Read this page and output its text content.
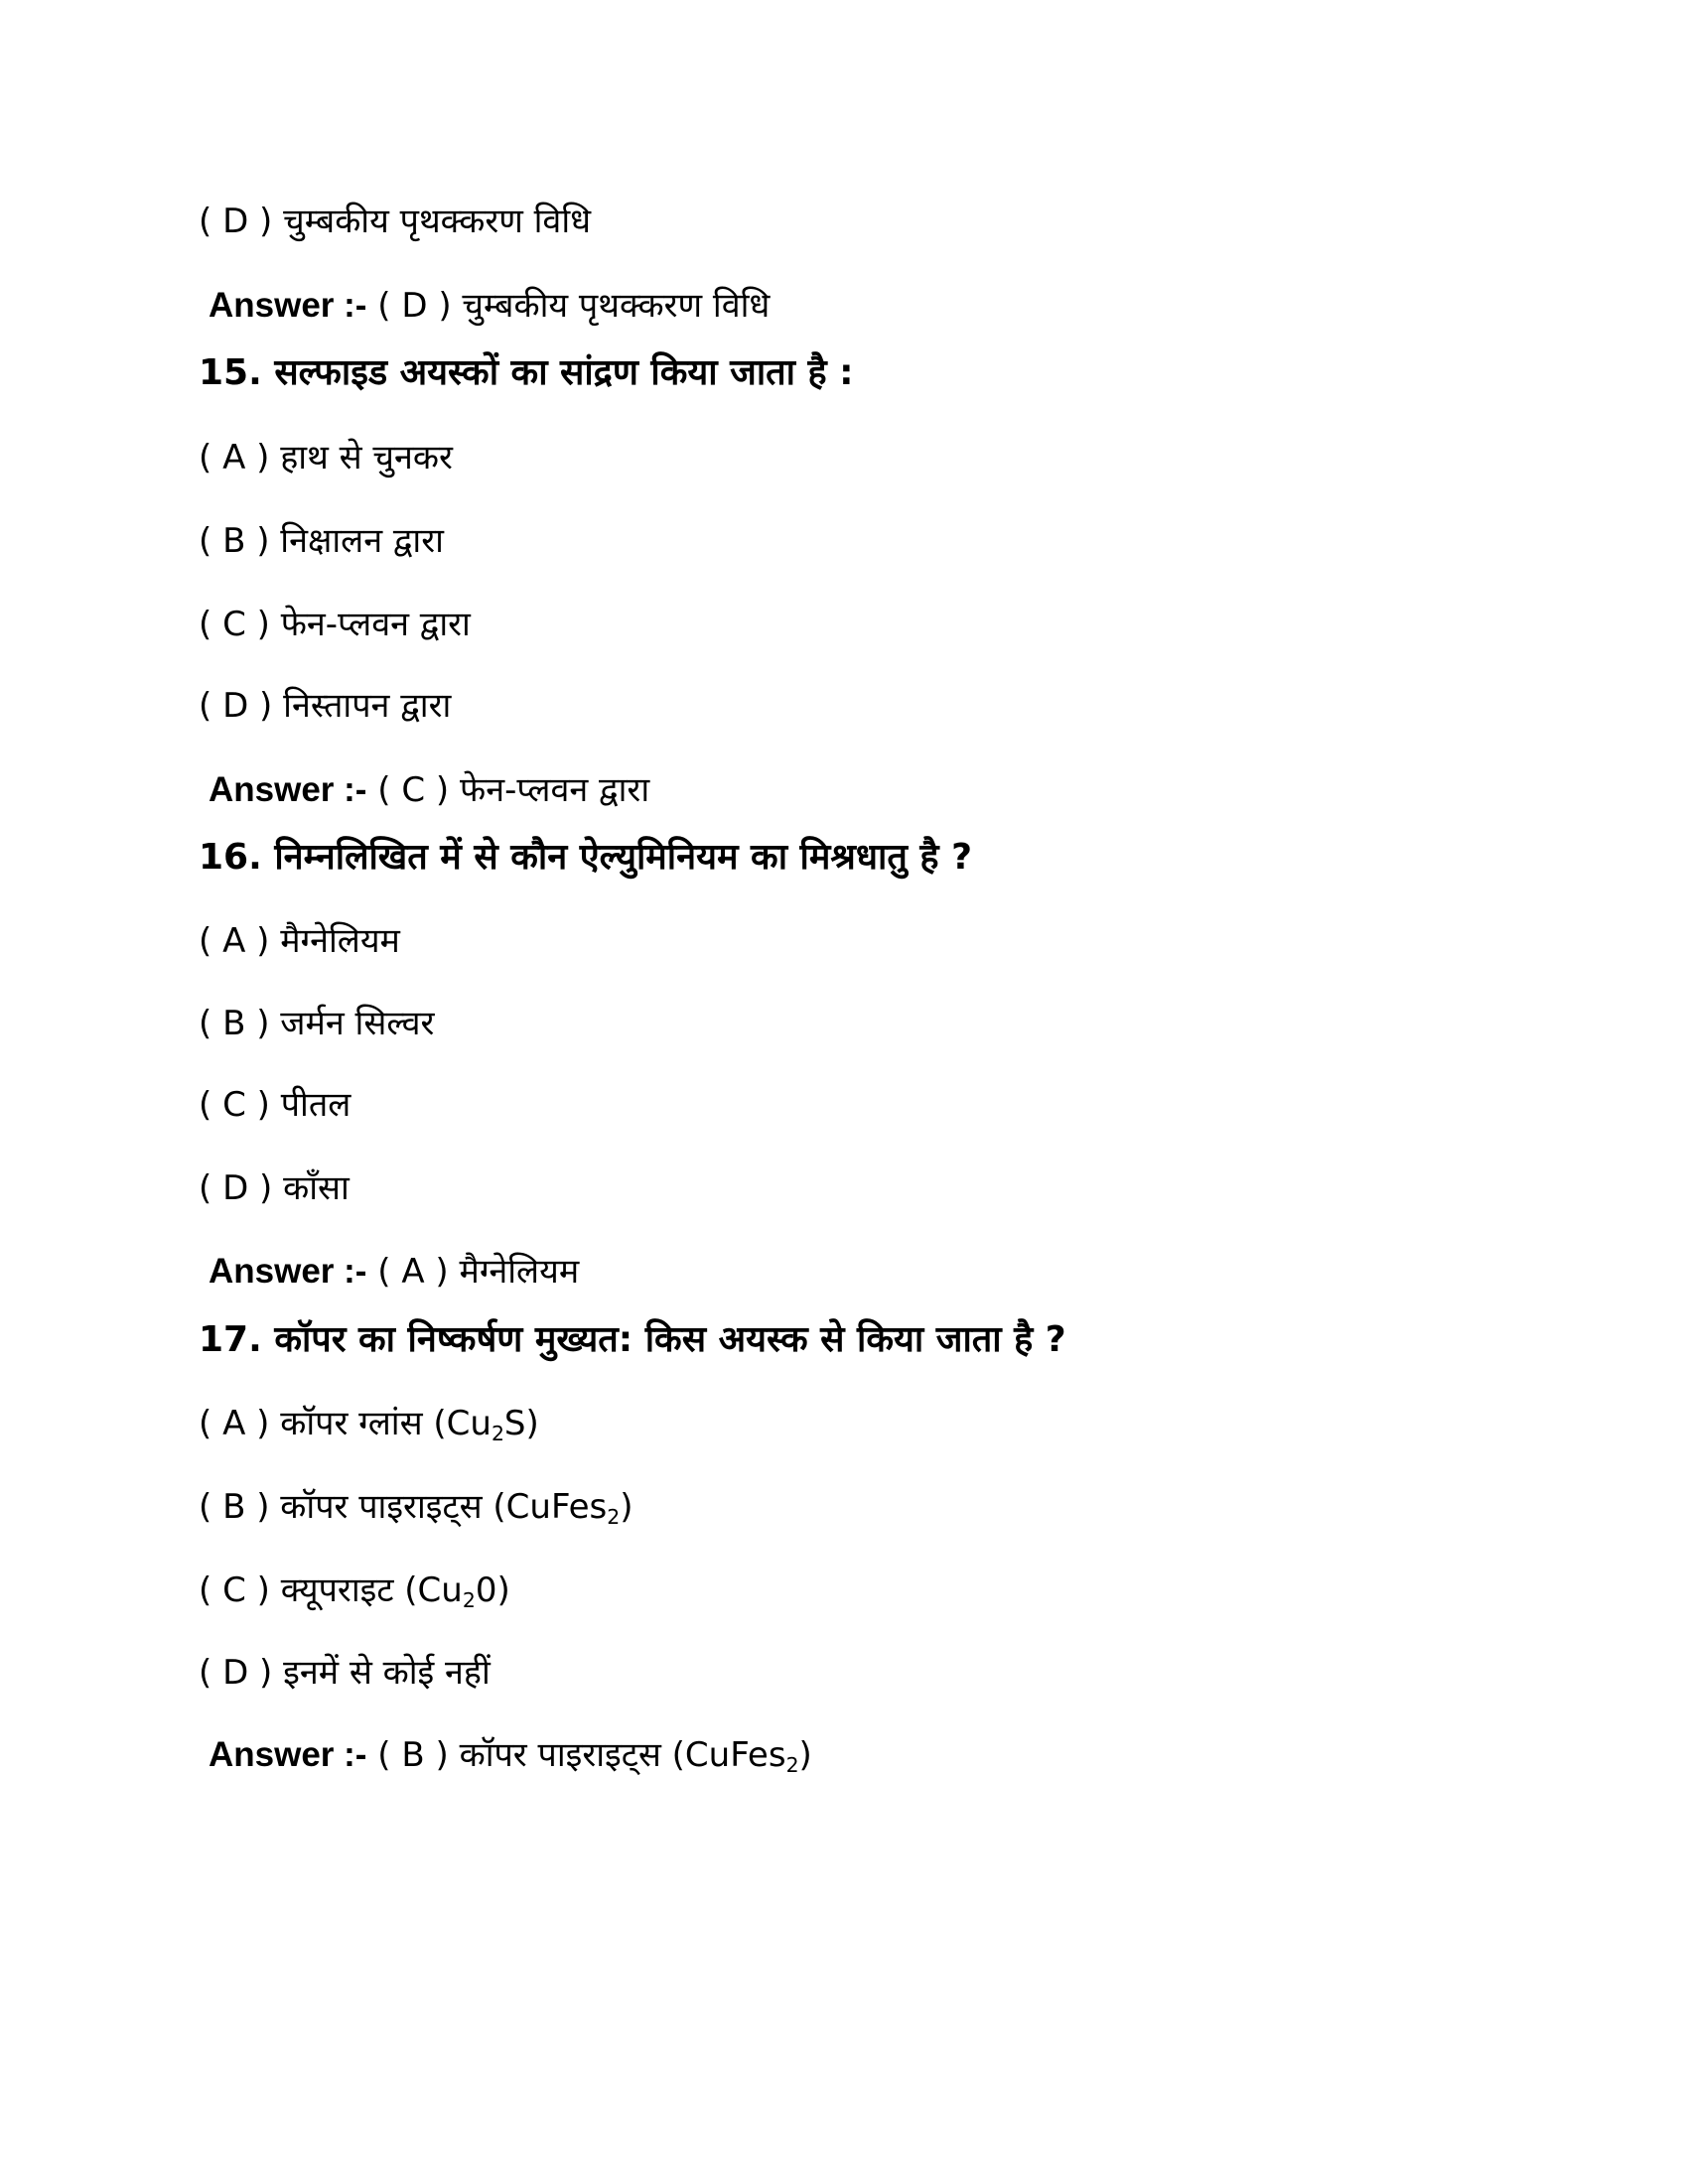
( D ) चुम्बकीय पृथक्करण विधि
Answer :- ( D ) चुम्बकीय पृथक्करण विधि
15. सल्फाइड अयस्कों का सांद्रण किया जाता है :
( A ) हाथ से चुनकर
( B ) निक्षालन द्वारा
( C ) फेन-प्लवन द्वारा
( D ) निस्तापन द्वारा
Answer :- ( C ) फेन-प्लवन द्वारा
16. निम्नलिखित में से कौन ऐल्युमिनियम का मिश्रधातु है ?
( A ) मैग्नेलियम
( B ) जर्मन सिल्वर
( C ) पीतल
( D ) काँसा
Answer :- ( A ) मैग्नेलियम
17. कॉपर का निष्कर्षण मुख्यत: किस अयस्क से किया जाता है ?
( A ) कॉपर ग्लांस $(Cu_2S)$
( B ) कॉपर पाइराइट्स (CuFes$_2$)
( C ) क्यूपराइट $(Cu_20)$
( D ) इनमें से कोई नहीं
Answer :- ( B ) कॉपर पाइराइट्स (CuFes$_2$)
